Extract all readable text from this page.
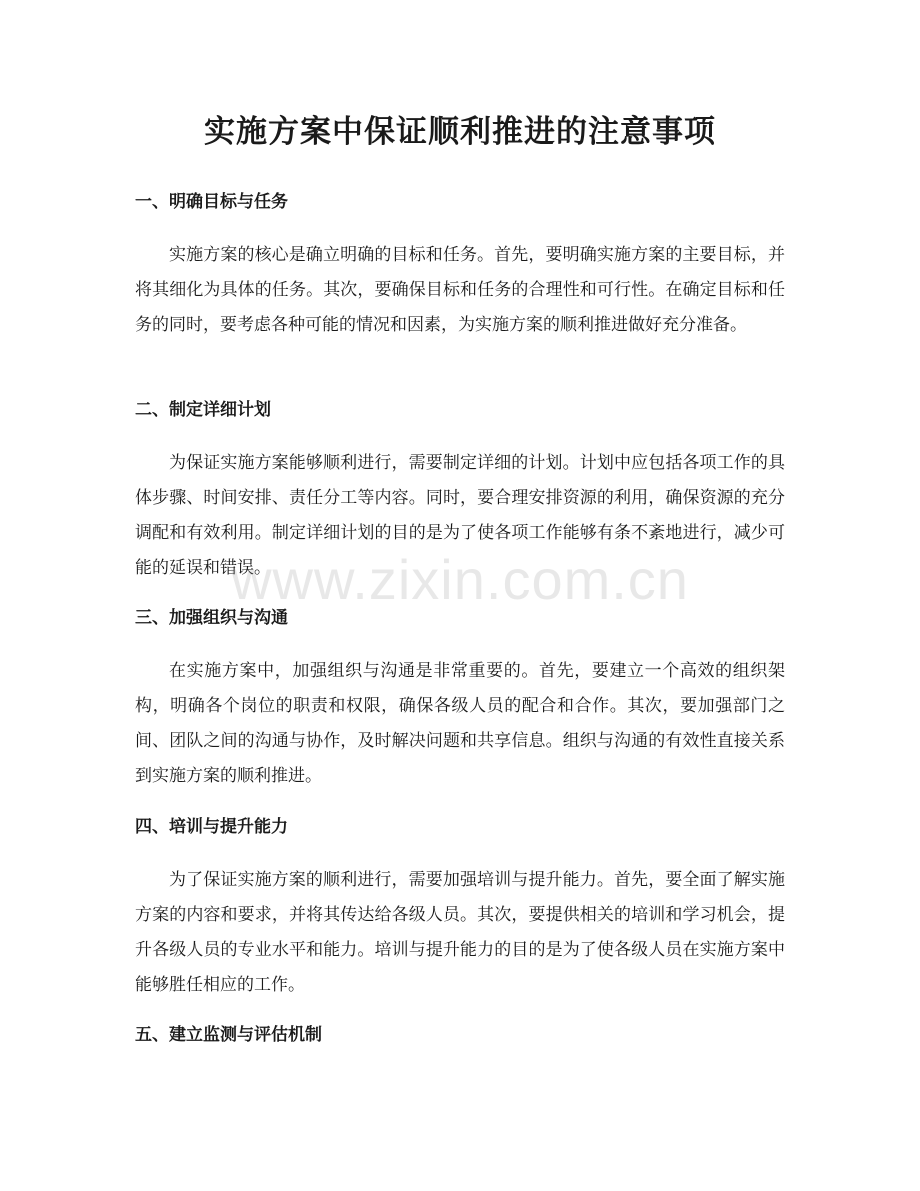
实施方案中保证顺利推进的注意事项
一、明确目标与任务

实施方案的核心是确立明确的目标和任务。首先，要明确实施方案的主要目标，并将其细化为具体的任务。其次，要确保目标和任务的合理性和可行性。在确定目标和任务的同时，要考虑各种可能的情况和因素，为实施方案的顺利推进做好充分准备。

二、制定详细计划

为保证实施方案能够顺利进行，需要制定详细的计划。计划中应包括各项工作的具体步骤、时间安排、责任分工等内容。同时，要合理安排资源的利用，确保资源的充分调配和有效利用。制定详细计划的目的是为了使各项工作能够有条不紊地进行，减少可能的延误和错误。

三、加强组织与沟通

在实施方案中，加强组织与沟通是非常重要的。首先，要建立一个高效的组织架构，明确各个岗位的职责和权限，确保各级人员的配合和合作。其次，要加强部门之间、团队之间的沟通与协作，及时解决问题和共享信息。组织与沟通的有效性直接关系到实施方案的顺利推进。

四、培训与提升能力

为了保证实施方案的顺利进行，需要加强培训与提升能力。首先，要全面了解实施方案的内容和要求，并将其传达给各级人员。其次，要提供相关的培训和学习机会，提升各级人员的专业水平和能力。培训与提升能力的目的是为了使各级人员在实施方案中能够胜任相应的工作。

五、建立监测与评估机制
www.zixin.com.cn
